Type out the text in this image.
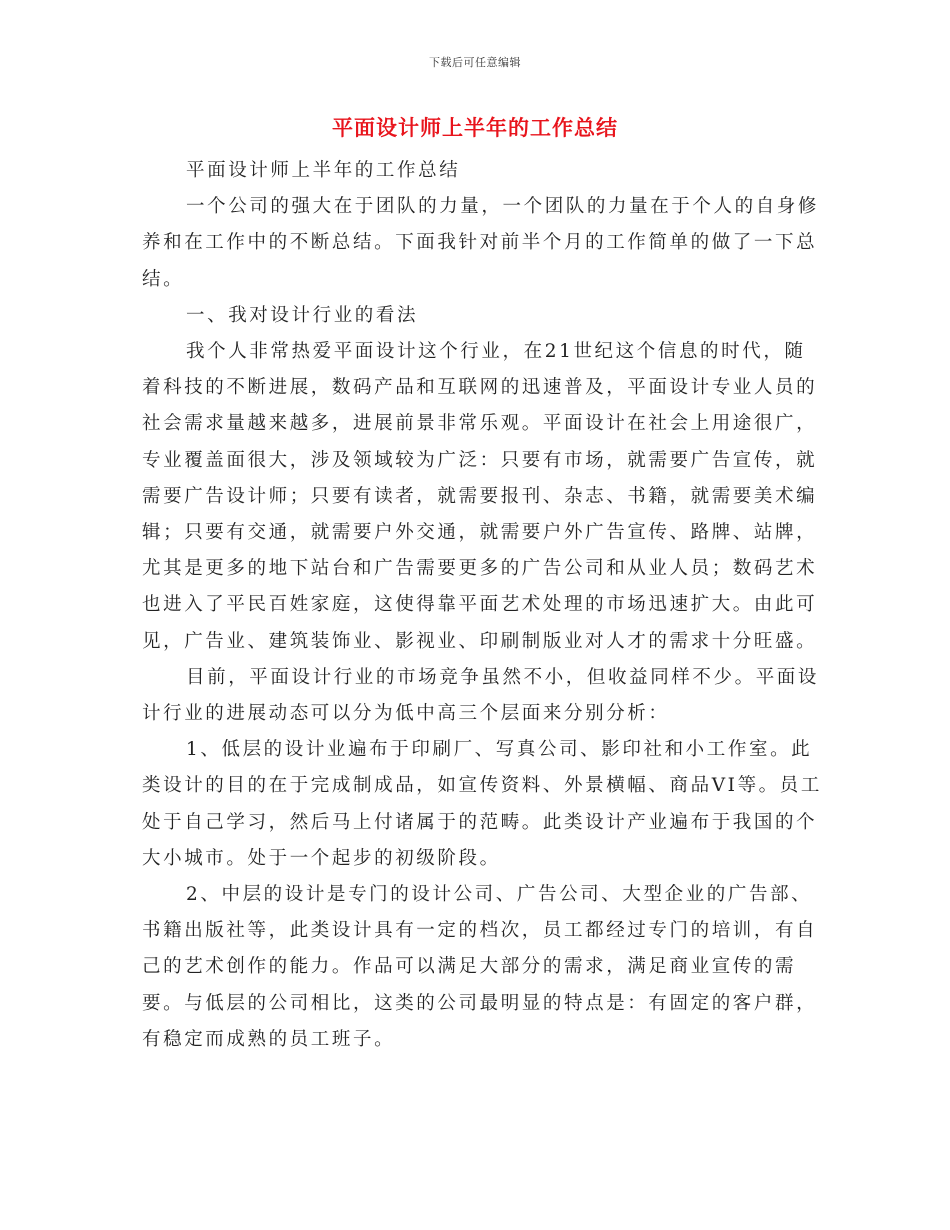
下载后可任意编辑
平面设计师上半年的工作总结

平面设计师上半年的工作总结

一个公司的强大在于团队的力量，一个团队的力量在于个人的自身修养和在工作中的不断总结。下面我针对前半个月的工作简单的做了一下总结。

一、我对设计行业的看法

我个人非常热爱平面设计这个行业，在21世纪这个信息的时代，随着科技的不断进展，数码产品和互联网的迅速普及，平面设计专业人员的社会需求量越来越多，进展前景非常乐观。平面设计在社会上用途很广，专业覆盖面很大，涉及领域较为广泛：只要有市场，就需要广告宣传，就需要广告设计师；只要有读者，就需要报刊、杂志、书籍，就需要美术编辑；只要有交通，就需要户外交通，就需要户外广告宣传、路牌、站牌，尤其是更多的地下站台和广告需要更多的广告公司和从业人员；数码艺术也进入了平民百姓家庭，这使得靠平面艺术处理的市场迅速扩大。由此可见，广告业、建筑装饰业、影视业、印刷制版业对人才的需求十分旺盛。

目前，平面设计行业的市场竞争虽然不小，但收益同样不少。平面设计行业的进展动态可以分为低中高三个层面来分别分析：

1、低层的设计业遍布于印刷厂、写真公司、影印社和小工作室。此类设计的目的在于完成制成品，如宣传资料、外景横幅、商品VI等。员工处于自己学习，然后马上付诸属于的范畴。此类设计产业遍布于我国的个大小城市。处于一个起步的初级阶段。

2、中层的设计是专门的设计公司、广告公司、大型企业的广告部、书籍出版社等，此类设计具有一定的档次，员工都经过专门的培训，有自己的艺术创作的能力。作品可以满足大部分的需求，满足商业宣传的需要。与低层的公司相比，这类的公司最明显的特点是：有固定的客户群，有稳定而成熟的员工班子。
